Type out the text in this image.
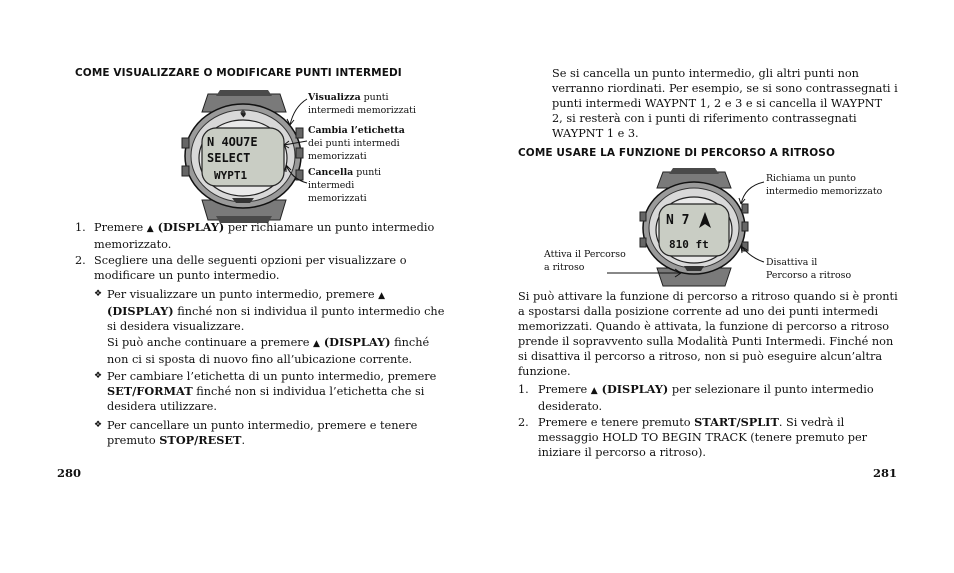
COME VISUALIZZARE O MODIFICARE PUNTI INTERMEDI
♥
N 4OU7E
SELECT
WYPT1
Visualizza punti
intermedi memorizzati
Cambia l’etichetta
dei punti intermedi
memorizzati
Cancella punti
intermedi
memorizzati
1. Premere ▲ (DISPLAY) per richiamare un punto intermedio
memorizzato.
2. Scegliere una delle seguenti opzioni per visualizzare o
modificare un punto intermedio.
❖ Per visualizzare un punto intermedio, premere ▲
(DISPLAY) finché non si individua il punto intermedio che
si desidera visualizzare.
Si può anche continuare a premere ▲ (DISPLAY) finché
non ci si sposta di nuovo fino all’ubicazione corrente.
❖ Per cambiare l’etichetta di un punto intermedio, premere
SET/FORMAT finché non si individua l’etichetta che si
desidera utilizzare.
❖ Per cancellare un punto intermedio, premere e tenere
premuto STOP/RESET.
280
Se si cancella un punto intermedio, gli altri punti non
verranno riordinati. Per esempio, se si sono contrassegnati i
punti intermedi WAYPNT 1, 2 e 3 e si cancella il WAYPNT
2, si resterà con i punti di riferimento contrassegnati
WAYPNT 1 e 3.
COME USARE LA FUNZIONE DI PERCORSO A RITROSO
N 7
810 ft
Richiama un punto
intermedio memorizzato
Attiva il Percorso
a ritroso	Disattiva il
Percorso a ritroso
Si può attivare la funzione di percorso a ritroso quando si è pronti
a spostarsi dalla posizione corrente ad uno dei punti intermedi
memorizzati. Quando è attivata, la funzione di percorso a ritroso
prende il sopravvento sulla Modalità Punti Intermedi. Finché non
si disattiva il percorso a ritroso, non si può eseguire alcun’altra
funzione.
1. Premere ▲ (DISPLAY) per selezionare il punto intermedio
desiderato.
2. Premere e tenere premuto START/SPLIT. Si vedrà il
messaggio HOLD TO BEGIN TRACK (tenere premuto per
iniziare il percorso a ritroso).
281
